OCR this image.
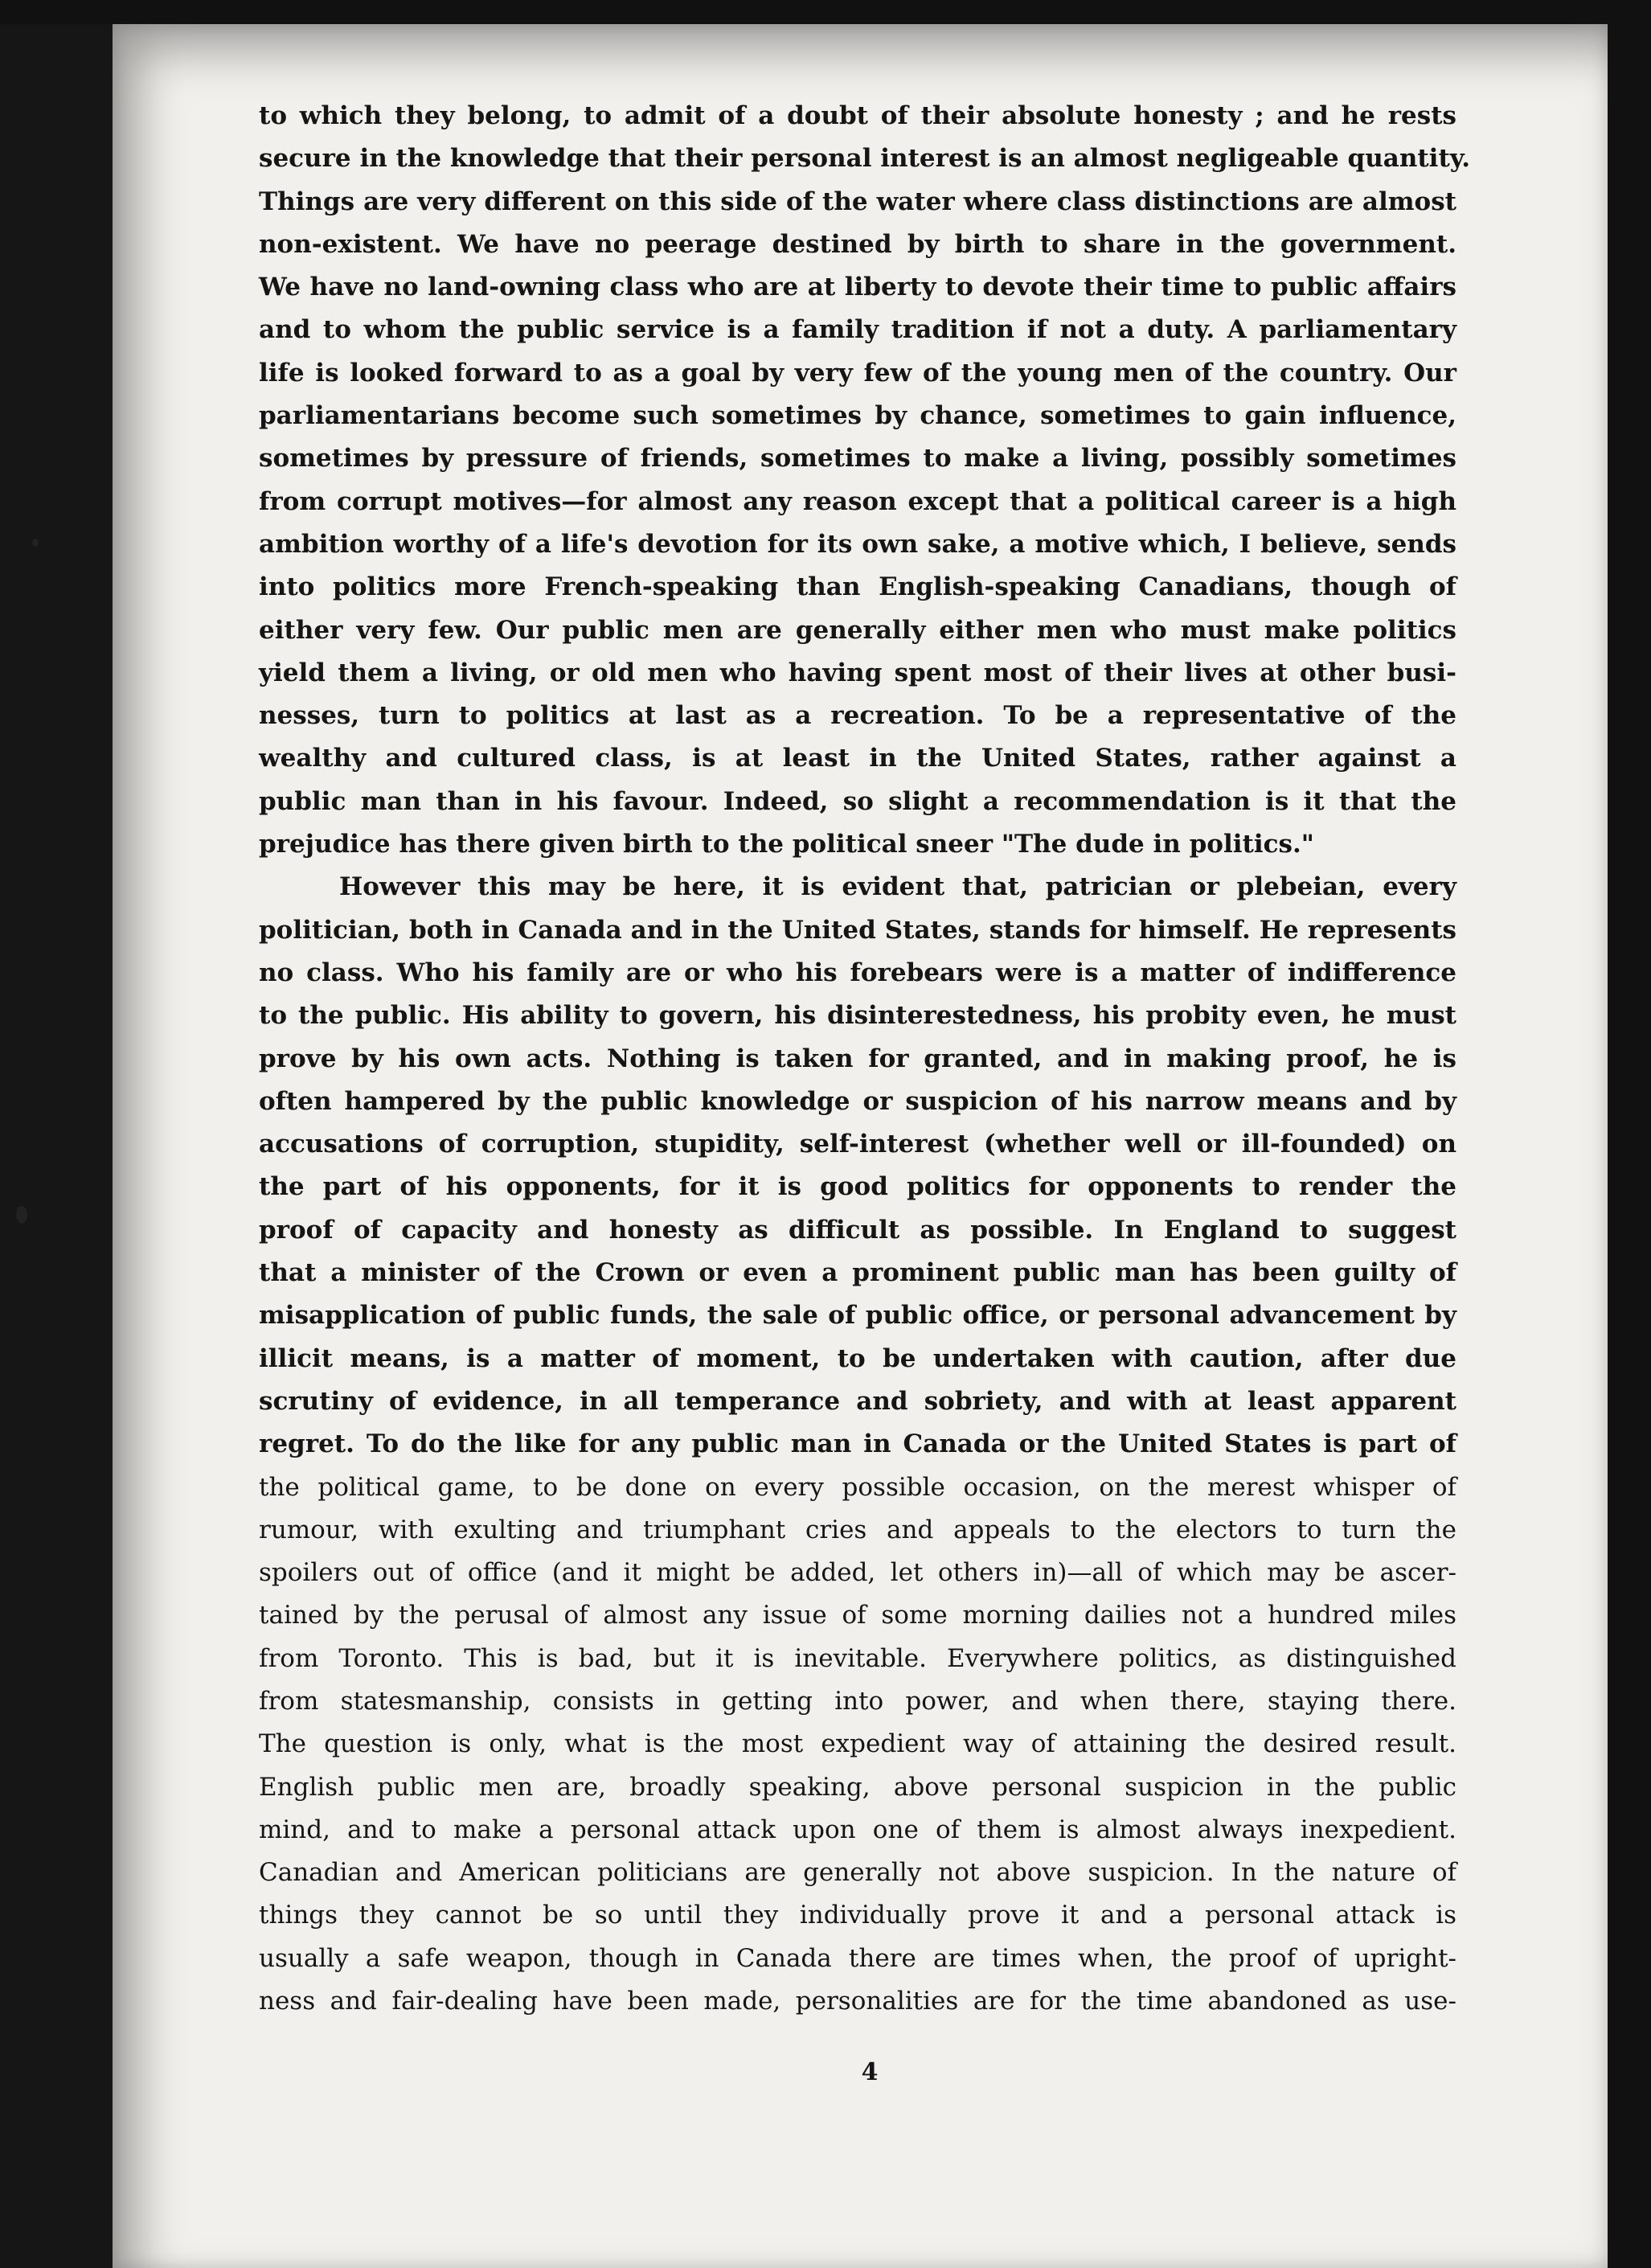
to which they belong, to admit of a doubt of their absolute honesty ; and he rests
secure in the knowledge that their personal interest is an almost negligeable quantity.
Things are very different on this side of the water where class distinctions are almost
non-existent. We have no peerage destined by birth to share in the government.
We have no land-owning class who are at liberty to devote their time to public affairs
and to whom the public service is a family tradition if not a duty. A parliamentary
life is looked forward to as a goal by very few of the young men of the country. Our
parliamentarians become such sometimes by chance, sometimes to gain influence,
sometimes by pressure of friends, sometimes to make a living, possibly sometimes
from corrupt motives—for almost any reason except that a political career is a high
ambition worthy of a life's devotion for its own sake, a motive which, I believe, sends
into politics more French-speaking than English-speaking Canadians, though of
either very few. Our public men are generally either men who must make politics
yield them a living, or old men who having spent most of their lives at other busi-
nesses, turn to politics at last as a recreation. To be a representative of the
wealthy and cultured class, is at least in the United States, rather against a
public man than in his favour. Indeed, so slight a recommendation is it that the
prejudice has there given birth to the political sneer "The dude in politics."

However this may be here, it is evident that, patrician or plebeian, every
politician, both in Canada and in the United States, stands for himself. He represents
no class. Who his family are or who his forebears were is a matter of indifference
to the public. His ability to govern, his disinterestedness, his probity even, he must
prove by his own acts. Nothing is taken for granted, and in making proof, he is
often hampered by the public knowledge or suspicion of his narrow means and by
accusations of corruption, stupidity, self-interest (whether well or ill-founded) on
the part of his opponents, for it is good politics for opponents to render the
proof of capacity and honesty as difficult as possible. In England to suggest
that a minister of the Crown or even a prominent public man has been guilty of
misapplication of public funds, the sale of public office, or personal advancement by
illicit means, is a matter of moment, to be undertaken with caution, after due
scrutiny of evidence, in all temperance and sobriety, and with at least apparent
regret. To do the like for any public man in Canada or the United States is part of
the political game, to be done on every possible occasion, on the merest whisper of
rumour, with exulting and triumphant cries and appeals to the electors to turn the
spoilers out of office (and it might be added, let others in)—all of which may be ascer-
tained by the perusal of almost any issue of some morning dailies not a hundred miles
from Toronto. This is bad, but it is inevitable. Everywhere politics, as distinguished
from statesmanship, consists in getting into power, and when there, staying there.
The question is only, what is the most expedient way of attaining the desired result.
English public men are, broadly speaking, above personal suspicion in the public
mind, and to make a personal attack upon one of them is almost always inexpedient.
Canadian and American politicians are generally not above suspicion. In the nature of
things they cannot be so until they individually prove it and a personal attack is
usually a safe weapon, though in Canada there are times when, the proof of upright-
ness and fair-dealing have been made, personalities are for the time abandoned as use-

4
